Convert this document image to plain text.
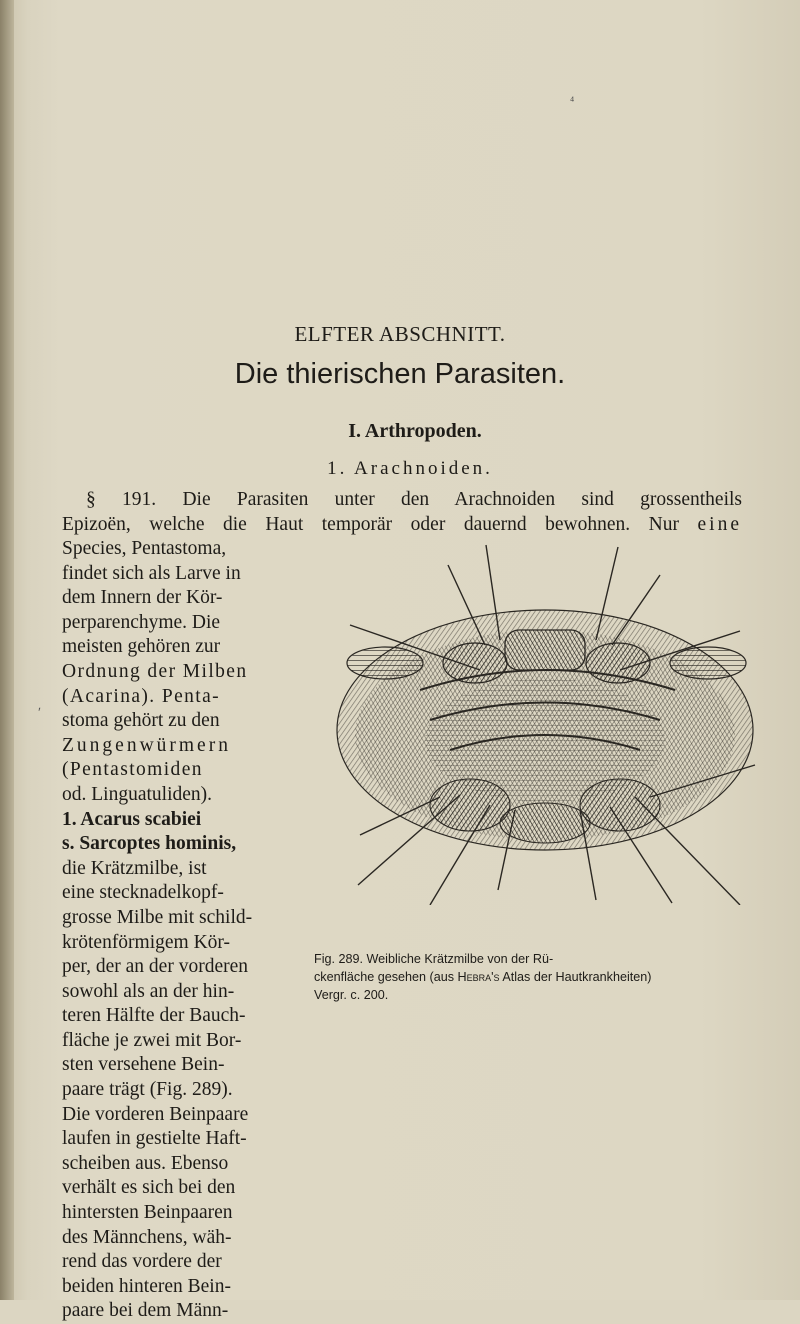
⁴
ʹ
ELFTER ABSCHNITT.
Die thierischen Parasiten.
I. Arthropoden.
1. Arachnoiden.
§ 191. Die Parasiten unter den Arachnoiden sind grossentheils
Epizoën, welche die Haut temporär oder dauernd bewohnen. Nur eine
Species, Pentastoma,
findet sich als Larve in
dem Innern der Kör-
perparenchyme. Die
meisten gehören zur
Ordnung der Milben
(Acarina). Penta-
stoma gehört zu den
Zungenwürmern
(Pentastomiden
od. Linguatuliden).
1. Acarus scabiei
s. Sarcoptes hominis,
die Krätzmilbe, ist
eine stecknadelkopf-
grosse Milbe mit schild-
krötenförmigem Kör-
per, der an der vorderen
sowohl als an der hin-
teren Hälfte der Bauch-
fläche je zwei mit Bor-
sten versehene Bein-
paare trägt (Fig. 289).
Die vorderen Beinpaare
laufen in gestielte Haft-
scheiben aus. Ebenso
verhält es sich bei den
hintersten Beinpaaren
des Männchens, wäh-
rend das vordere der
beiden hinteren Bein-
paare bei dem Männ-
Fig. 289. Weibliche Krätzmilbe von der Rü-
ckenfläche gesehen (aus Hebra's Atlas der Hautkrankheiten)
Vergr. c. 200.
